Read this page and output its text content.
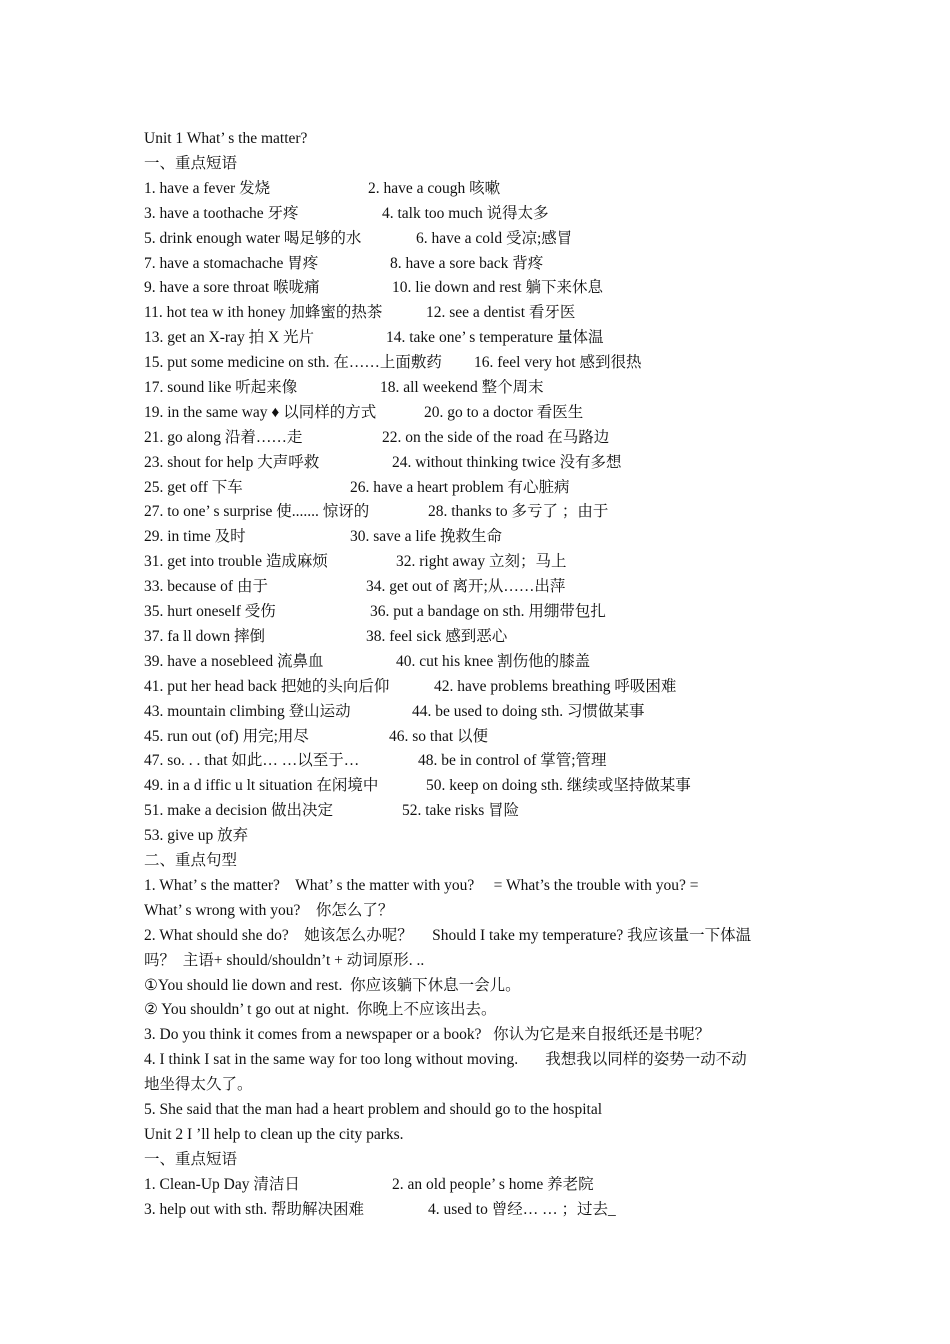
Unit 1 What’ s the matter?
一、重点短语
1. have a fever 发烧	2. have a cough 咳嗽
3. have a toothache 牙疼	4. talk too much 说得太多
5. drink enough water 喝足够的水	6. have a cold 受凉;感冒
7. have a stomachache 胃疼	8. have a sore back 背疼
9. have a sore throat 喉咙痛	10. lie down and rest 躺下来休息
11. hot tea w ith honey 加蜂蜜的热茶	12. see a dentist 看牙医
13. get an X-ray 拍 X 光片	14. take one’ s temperature 量体温
15. put some medicine on sth. 在……上面敷药 16. feel very hot 感到很热
17. sound like 听起来像	18. all weekend 整个周末
19. in the same way ♦ 以同样的方式	20. go to a doctor 看医生
21. go along 沿着……走	22. on the side of the road 在马路边
23. shout for help 大声呼救	24. without thinking twice 没有多想
25. get off 下车	26. have a heart problem 有心脏病
27. to one’ s surprise 使....... 惊讶的	28. thanks to 多亏了 ；由于
29. in time 及时	30. save a life 挽救生命
31. get into trouble 造成麻烦	32. right away 立刻；马上
33. because of 由于	34. get out of 离开;从……出萍
35. hurt oneself 受伤	36. put a bandage on sth. 用绷带包扎
37. fa ll down 摔倒	38. feel sick 感到恶心
39. have a nosebleed 流鼻血	40. cut his knee 割伤他的膝盖
41. put her head back 把她的头向后仰	42. have problems breathing 呼吸困难
43. mountain climbing 登山运动	44. be used to doing sth. 习惯做某事
45. run out (of) 用完;用尽	46. so that 以便
47. so. . . that 如此… …以至于…	48. be in control of 掌管;管理
49. in a d iffic u lt situation 在闲境中	50. keep on doing sth. 继续或坚持做某事
51. make a decision 做出决定	52. take risks 冒险
53. give up 放弃
二、重点句型
1. What’ s the matter?    What’ s the matter with you?     = What’s the trouble with you? =
What’ s wrong with you?    你怎么了？
2. What should she do?    她该怎么办呢？     Should I take my temperature? 我应该量一下体温
吗？  主语+ should/shouldn’t + 动词原形. ..
①You should lie down and rest.  你应该躺下休息一会儿。
② You shouldn’ t go out at night.  你晚上不应该出去。
3. Do you think it comes from a newspaper or a book?   你认为它是来自报纸还是书呢？
4. I think I sat in the same way for too long without moving.       我想我以同样的姿势一动不动
地坐得太久了。
5. She said that the man had a heart problem and should go to the hospital
Unit 2 I ’ll help to clean up the city parks.
一、重点短语
1. Clean-Up Day 清洁日	2. an old people’ s home 养老院
3. help out with sth. 帮助解决困难	4. used to 曾经… … ；过去_
